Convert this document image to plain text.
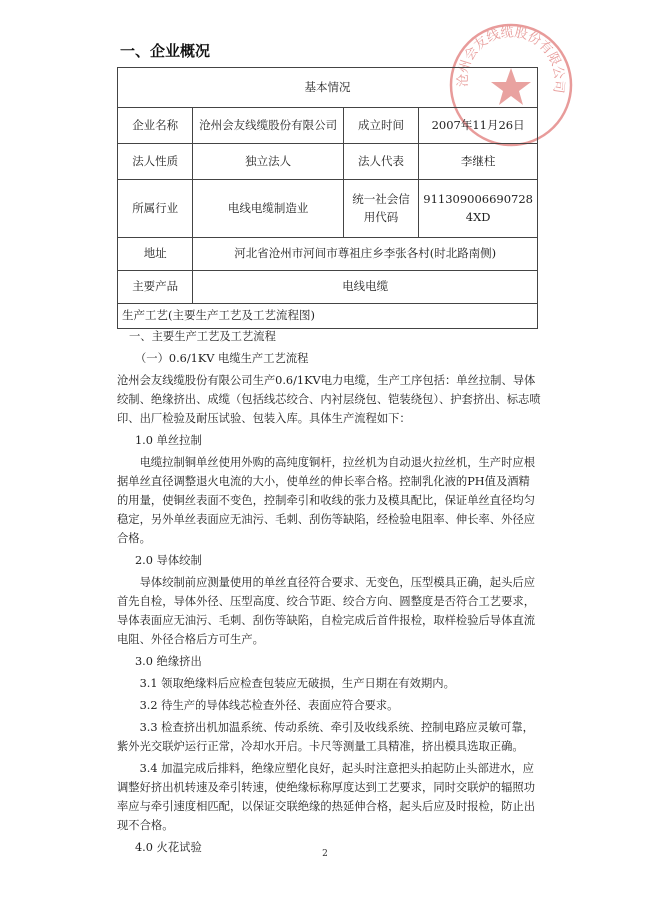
沧州会友线缆股份有限公司
一、企业概况
基本情况			
企业名称	沧州会友线缆股份有限公司	成立时间	2007年11月26日
法人性质	独立法人	法人代表	李继柱
所属行业	电线电缆制造业	统一社会信用代码	911309006690728​4XD
地址	河北省沧州市河间市尊祖庄乡李张各村(时北路南侧)		
主要产品	电线电缆		
生产工艺(主要生产工艺及工艺流程图)			

一、主要生产工艺及工艺流程

（一）0.6/1KV 电缆生产工艺流程

沧州会友线缆股份有限公司生产0.6/1KV电力电缆，生产工序包括：单丝拉制、导体绞制、绝缘挤出、成缆（包括线芯绞合、内衬层绕包、铠装绕包）、护套挤出、标志喷印、出厂检验及耐压试验、包装入库。具体生产流程如下：

1.0 单丝拉制

电缆拉制铜单丝使用外购的高纯度铜杆，拉丝机为自动退火拉丝机，生产时应根据单丝直径调整退火电流的大小，使单丝的伸长率合格。控制乳化液的PH值及酒精的用量，使铜丝表面不变色，控制牵引和收线的张力及模具配比，保证单丝直径均匀稳定，另外单丝表面应无油污、毛刺、刮伤等缺陷，经检验电阻率、伸长率、外径应合格。

2.0 导体绞制

导体绞制前应测量使用的单丝直径符合要求、无变色，压型模具正确，起头后应首先自检，导体外径、压型高度、绞合节距、绞合方向、圆整度是否符合工艺要求，导体表面应无油污、毛刺、刮伤等缺陷，自检完成后首件报检，取样检验后导体直流电阻、外径合格后方可生产。

3.0 绝缘挤出

3.1 领取绝缘料后应检查包装应无破损，生产日期在有效期内。

3.2 待生产的导体线芯检查外径、表面应符合要求。

3.3 检查挤出机加温系统、传动系统、牵引及收线系统、控制电路应灵敏可靠，紫外光交联炉运行正常，冷却水开启。卡尺等测量工具精准，挤出模具选取正确。

3.4 加温完成后排料，绝缘应塑化良好，起头时注意把头拍起防止头部进水，应调整好挤出机转速及牵引转速，使绝缘标称厚度达到工艺要求，同时交联炉的辐照功率应与牵引速度相匹配，以保证交联绝缘的热延伸合格，起头后应及时报检，防止出现不合格。

4.0 火花试验	2
